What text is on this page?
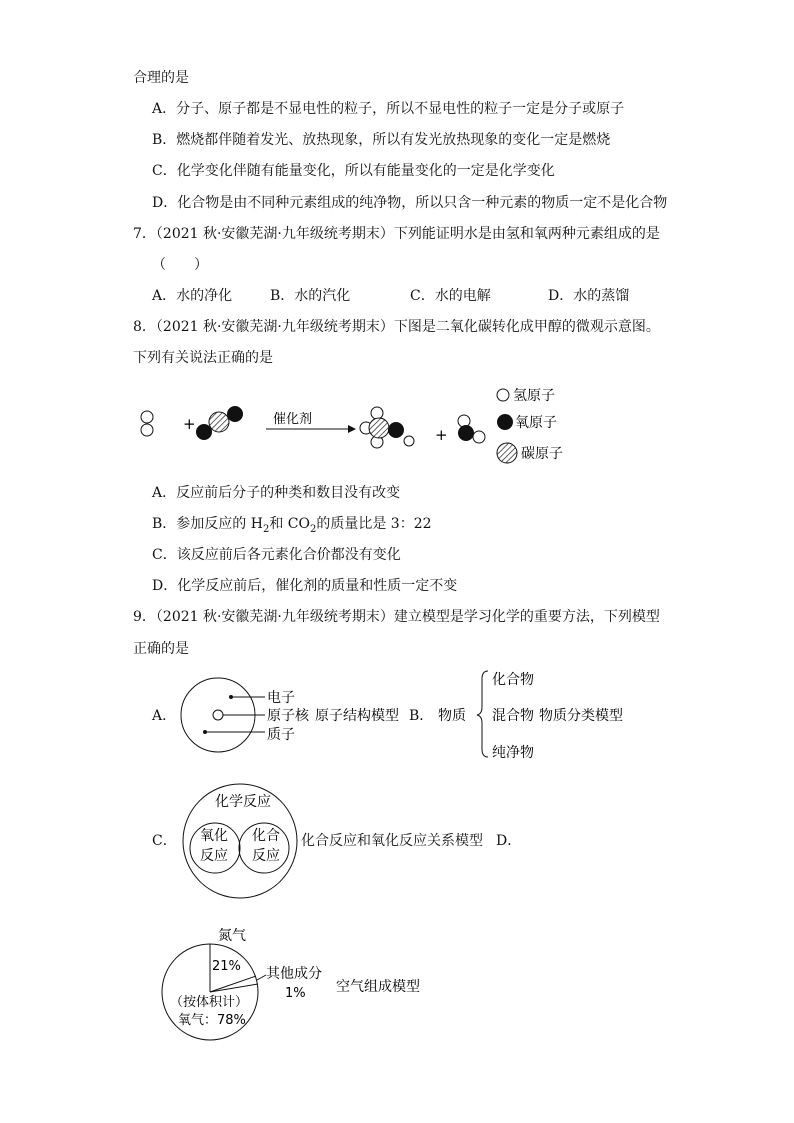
合理的是
A．分子、原子都是不显电性的粒子，所以不显电性的粒子一定是分子或原子
B．燃烧都伴随着发光、放热现象，所以有发光放热现象的变化一定是燃烧
C．化学变化伴随有能量变化，所以有能量变化的一定是化学变化
D．化合物是由不同种元素组成的纯净物，所以只含一种元素的物质一定不是化合物
7．（2021 秋·安徽芜湖·九年级统考期末）下列能证明水是由氢和氧两种元素组成的是
（　　）
A．水的净化	B．水的汽化	C．水的电解	D．水的蒸馏
8．（2021 秋·安徽芜湖·九年级统考期末）下图是二氧化碳转化成甲醇的微观示意图。
下列有关说法正确的是
+	催化剂
+
氢原子
氧原子
碳原子
A．反应前后分子的种类和数目没有改变
B．参加反应的 $H_2$和 $CO_2$的质量比是 3：22
C．该反应前后各元素化合价都没有变化
D．化学反应前后，催化剂的质量和性质一定不变
9．（2021 秋·安徽芜湖·九年级统考期末）建立模型是学习化学的重要方法，下列模型
正确的是
A．
电子
原子核 原子结构模型
质子
B． 物质
化合物
混合物 物质分类模型
纯净物
C．
化学反应
氧化
反应
化合
反应
化合反应和氧化反应关系模型 D．
氮气
21% 其他成分
1%
（按体积计）
氧气：78%
空气组成模型
